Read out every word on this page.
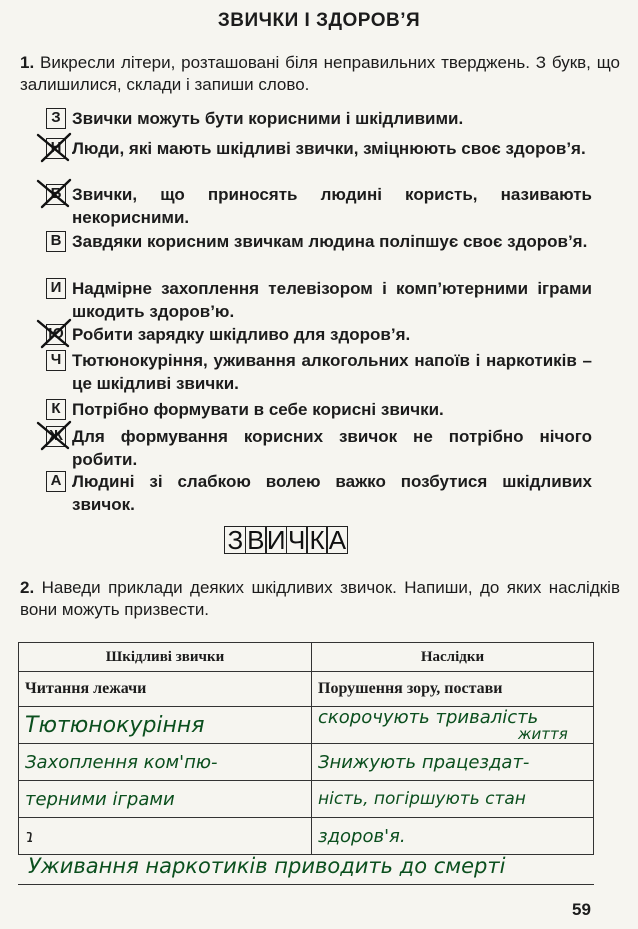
ЗВИЧКИ І ЗДОРОВ’Я
1. Викресли літери, розташовані біля неправильних тверджень. З букв, що залишилися, склади і запиши слово.
З Звички можуть бути корисними і шкідливими.
Н Люди, які мають шкідливі звички, зміцнюють своє здоров’я.
Б Звички, що приносять людині користь, називають некорисними.
В Завдяки корисним звичкам людина поліпшує своє здоров’я.
И Надмірне захоплення телевізором і комп’ютерними іграми шкодить здоров’ю.
Ю Робити зарядку шкідливо для здоров’я.
Ч Тютюнокуріння, уживання алкогольних напоїв і наркотиків – це шкідливі звички.
К Потрібно формувати в себе корисні звички.
Ж Для формування корисних звичок не потрібно нічого робити.
А Людині зі слабкою волею важко позбутися шкідливих звичок.
З В И Ч К А
2. Наведи приклади деяких шкідливих звичок. Напиши, до яких наслідків вони можуть призвести.
Шкідливі звички	Наслідки
Читання лежачи	Порушення зору, постави
Тютюнокуріння	скорочують тривалість
життя

Захоплення ком'пю-	Знижують працездат-
терними іграми	ність, погіршують стан
ɿ	здоров'я.
Уживання наркотиків приводить до смерті
59
